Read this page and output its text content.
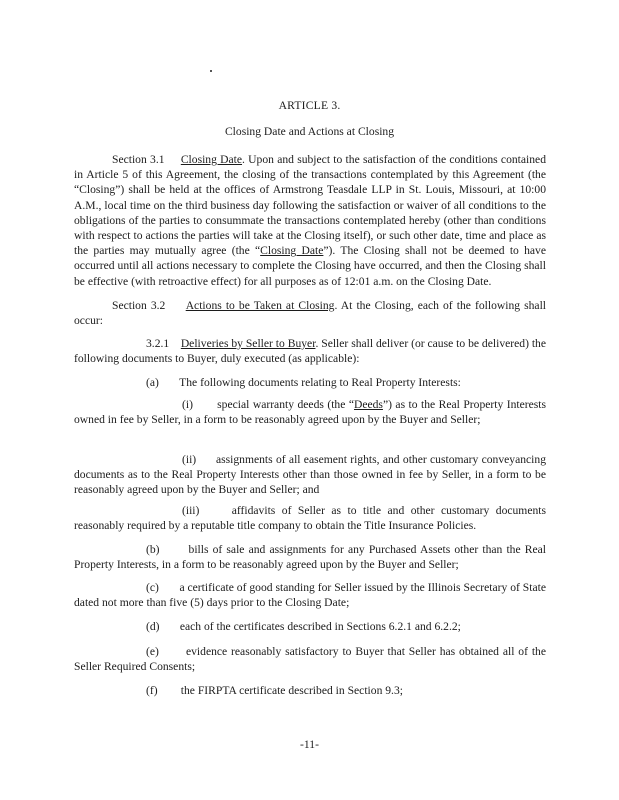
ARTICLE 3.
Closing Date and Actions at Closing

Section 3.1 Closing Date. Upon and subject to the satisfaction of the conditions contained in Article 5 of this Agreement, the closing of the transactions contemplated by this Agreement (the “Closing”) shall be held at the offices of Armstrong Teasdale LLP in St. Louis, Missouri, at 10:00 A.M., local time on the third business day following the satisfaction or waiver of all conditions to the obligations of the parties to consummate the transactions contemplated hereby (other than conditions with respect to actions the parties will take at the Closing itself), or such other date, time and place as the parties may mutually agree (the “Closing Date”). The Closing shall not be deemed to have occurred until all actions necessary to complete the Closing have occurred, and then the Closing shall be effective (with retroactive effect) for all purposes as of 12:01 a.m. on the Closing Date.

Section 3.2 Actions to be Taken at Closing. At the Closing, each of the following shall occur:

3.2.1 Deliveries by Seller to Buyer. Seller shall deliver (or cause to be delivered) the following documents to Buyer, duly executed (as applicable):

(a) The following documents relating to Real Property Interests:

(i) special warranty deeds (the “Deeds”) as to the Real Property Interests owned in fee by Seller, in a form to be reasonably agreed upon by the Buyer and Seller;

(ii) assignments of all easement rights, and other customary conveyancing documents as to the Real Property Interests other than those owned in fee by Seller, in a form to be reasonably agreed upon by the Buyer and Seller; and

(iii)	affidavits of Seller as to title and other customary documents reasonably required by a reputable title company to obtain the Title Insurance Policies.

(b) bills of sale and assignments for any Purchased Assets other than the Real Property Interests, in a form to be reasonably agreed upon by the Buyer and Seller;

(c) a certificate of good standing for Seller issued by the Illinois Secretary of State dated not more than five (5) days prior to the Closing Date;

(d) each of the certificates described in Sections 6.2.1 and 6.2.2;

(e) evidence reasonably satisfactory to Buyer that Seller has obtained all of the Seller Required Consents;

(f) the FIRPTA certificate described in Section 9.3;

-11-
